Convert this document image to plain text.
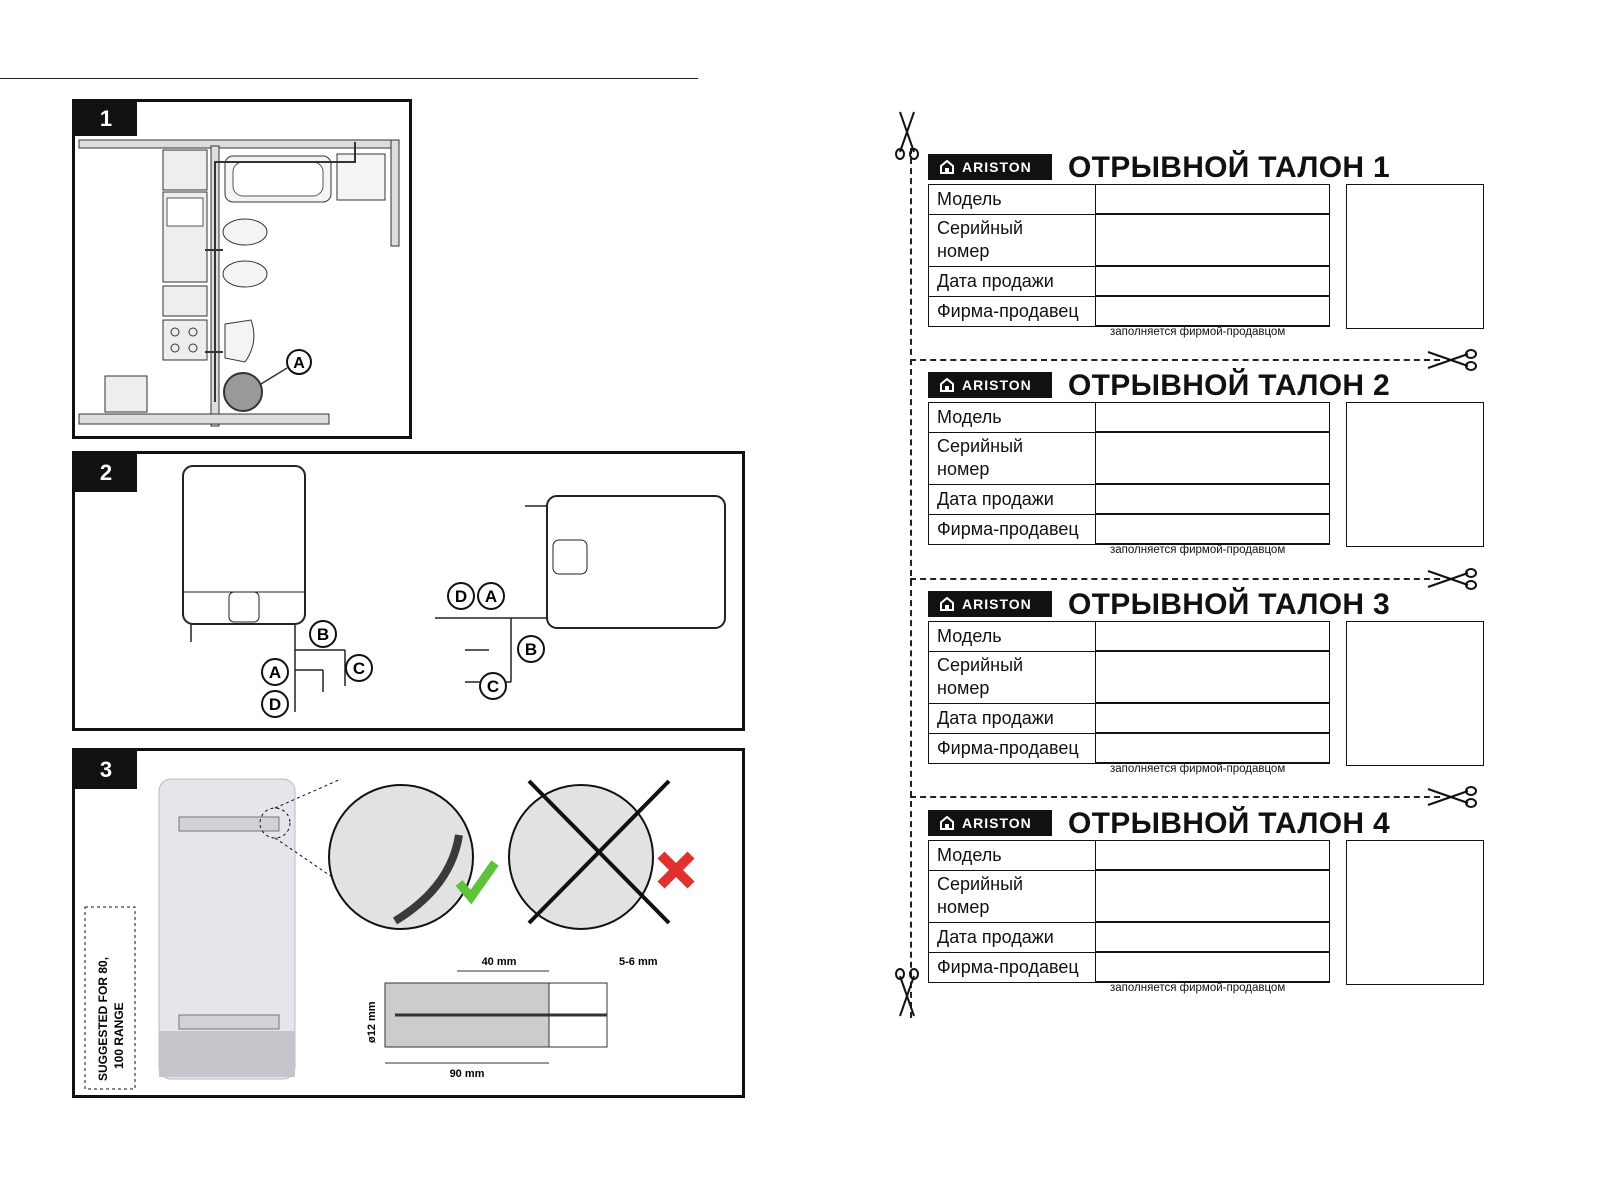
1
A
2
B
A	C
D
D A
B
C
3
SUGGESTED FOR 80, 100 RANGE
40 mm
90 mm
5-6 mm
ø12 mm
ARISTON ОТРЫВНОЙ ТАЛОН 1
Модель	
Серийный
номер	
Дата продажи	
Фирма-продавец	
заполняется фирмой-продавцом
ARISTON ОТРЫВНОЙ ТАЛОН 2
Модель	
Серийный
номер	
Дата продажи	
Фирма-продавец	
заполняется фирмой-продавцом
ARISTON ОТРЫВНОЙ ТАЛОН 3
Модель	
Серийный
номер	
Дата продажи	
Фирма-продавец	
заполняется фирмой-продавцом
ARISTON ОТРЫВНОЙ ТАЛОН 4
Модель	
Серийный
номер	
Дата продажи	
Фирма-продавец	
заполняется фирмой-продавцом
